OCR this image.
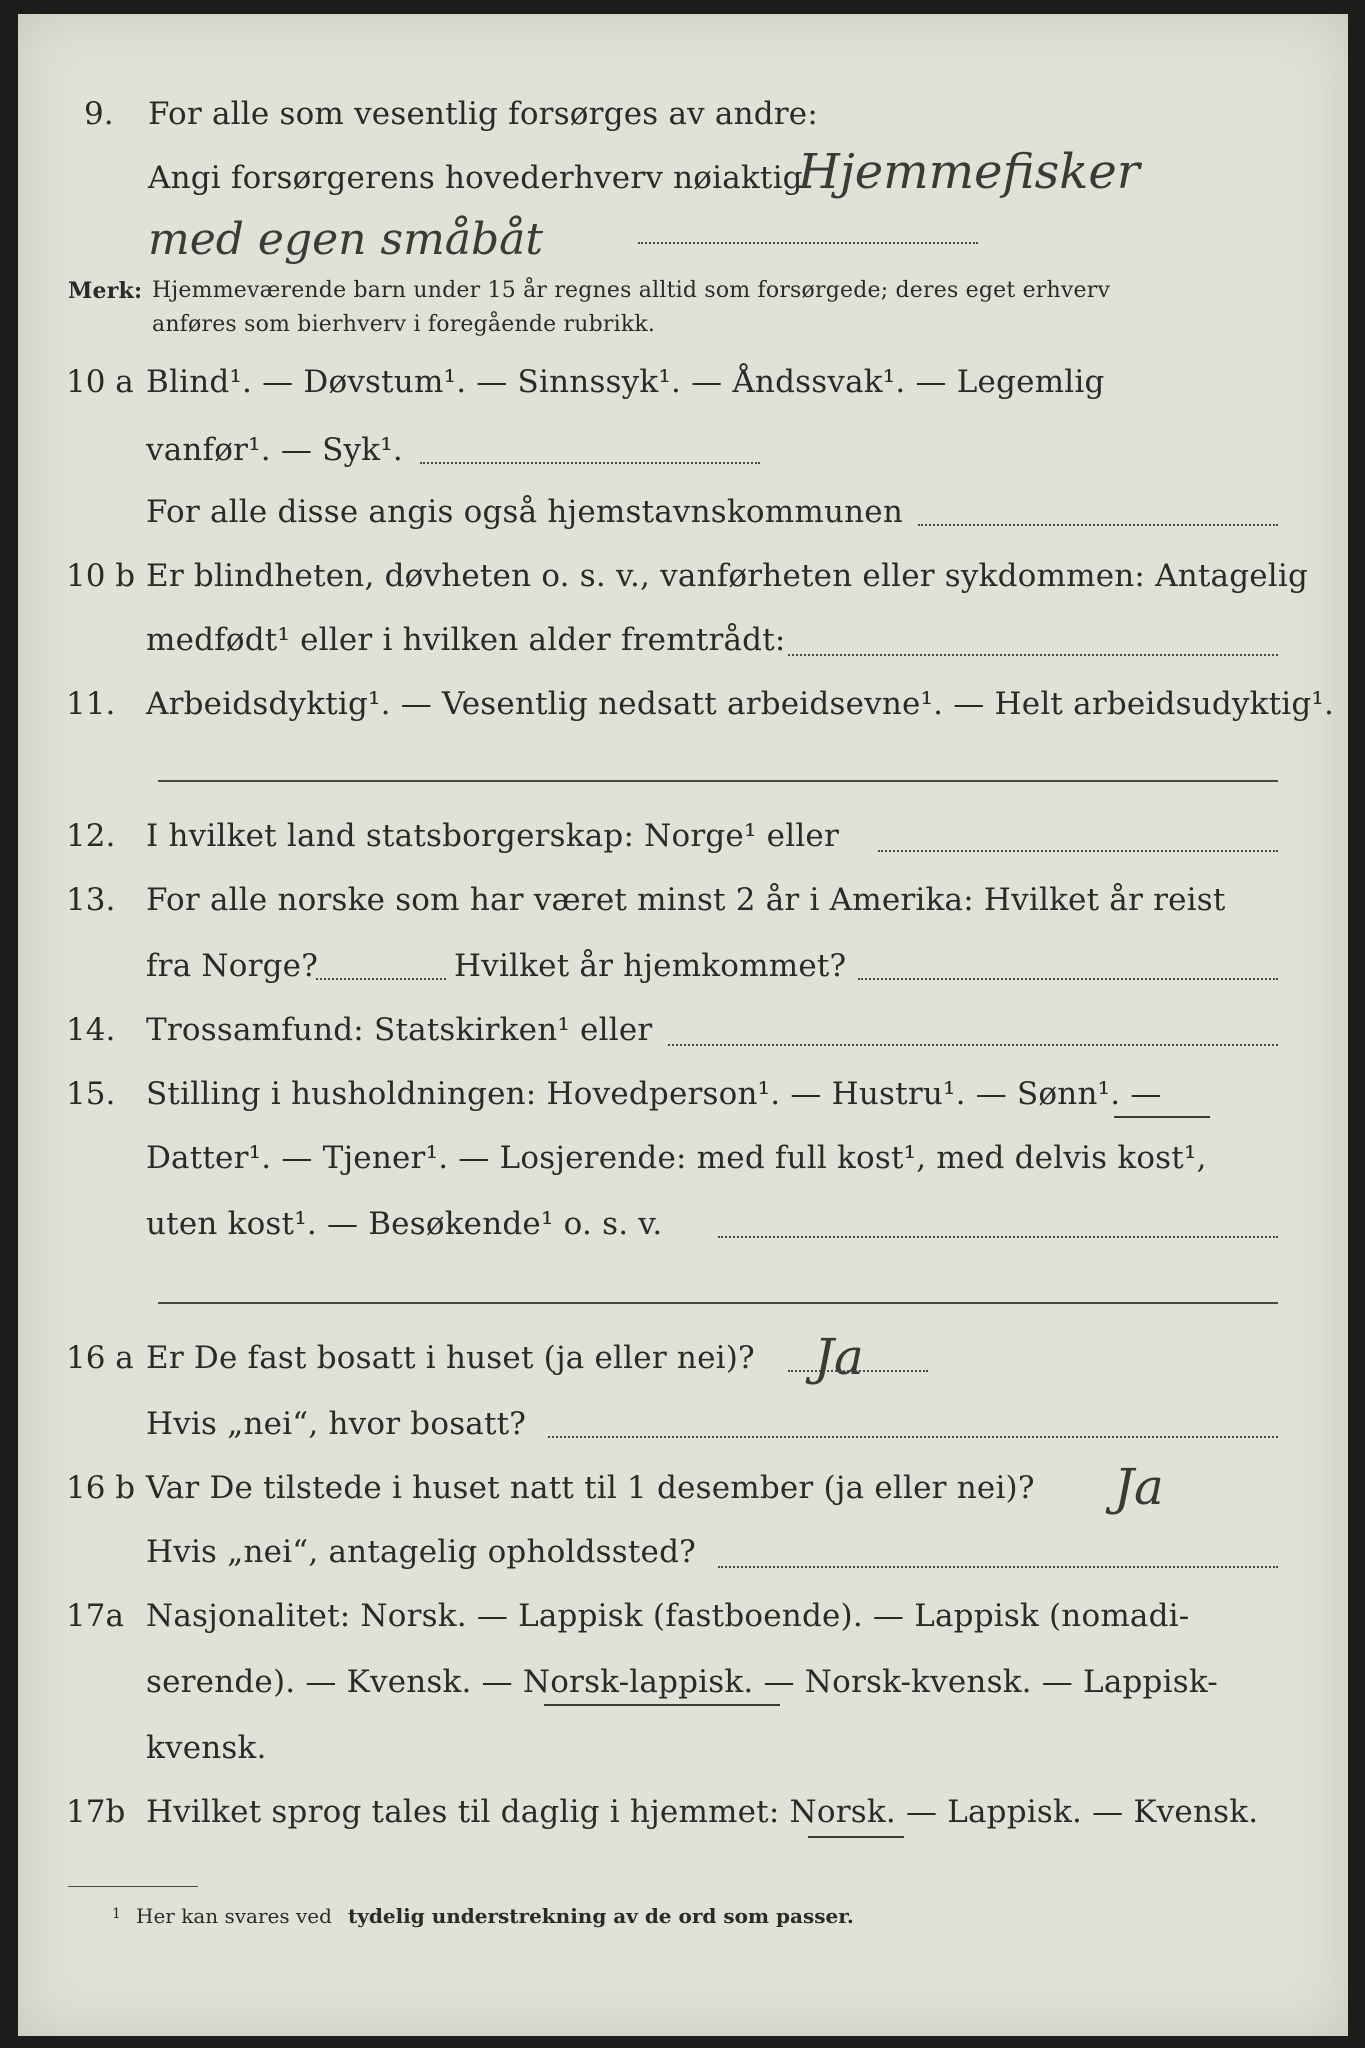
9. For alle som vesentlig forsørges av andre:
Angi forsørgerens hovederhverv nøiaktig
Hjemmefisker
med egen småbåt
Merk: Hjemmeværende barn under 15 år regnes alltid som forsørgede; deres eget erhverv
anføres som bierhverv i foregående rubrikk.
10 a Blind¹. — Døvstum¹. — Sinnssyk¹. — Åndssvak¹. — Legemlig
vanfør¹. — Syk¹.
For alle disse angis også hjemstavnskommunen
10 b Er blindheten, døvheten o. s. v., vanførheten eller sykdommen: Antagelig
medfødt¹ eller i hvilken alder fremtrådt:
11. Arbeidsdyktig¹. — Vesentlig nedsatt arbeidsevne¹. — Helt arbeidsudyktig¹.
12. I hvilket land statsborgerskap: Norge¹ eller
13. For alle norske som har været minst 2 år i Amerika: Hvilket år reist
fra Norge?	Hvilket år hjemkommet?
14. Trossamfund: Statskirken¹ eller
15. Stilling i husholdningen: Hovedperson¹. — Hustru¹. — Sønn¹. —
Datter¹. — Tjener¹. — Losjerende: med full kost¹, med delvis kost¹,
uten kost¹. — Besøkende¹ o. s. v.
16 a Er De fast bosatt i huset (ja eller nei)? Ja
Hvis „nei“, hvor bosatt?
16 b Var De tilstede i huset natt til 1 desember (ja eller nei)? Ja
Hvis „nei“, antagelig opholdssted?
17a Nasjonalitet: Norsk. — Lappisk (fastboende). — Lappisk (nomadi-
serende). — Kvensk. — Norsk-lappisk. — Norsk-kvensk. — Lappisk-
kvensk.
17b Hvilket sprog tales til daglig i hjemmet: Norsk. — Lappisk. — Kvensk.
1 Her kan svares ved tydelig understrekning av de ord som passer.
